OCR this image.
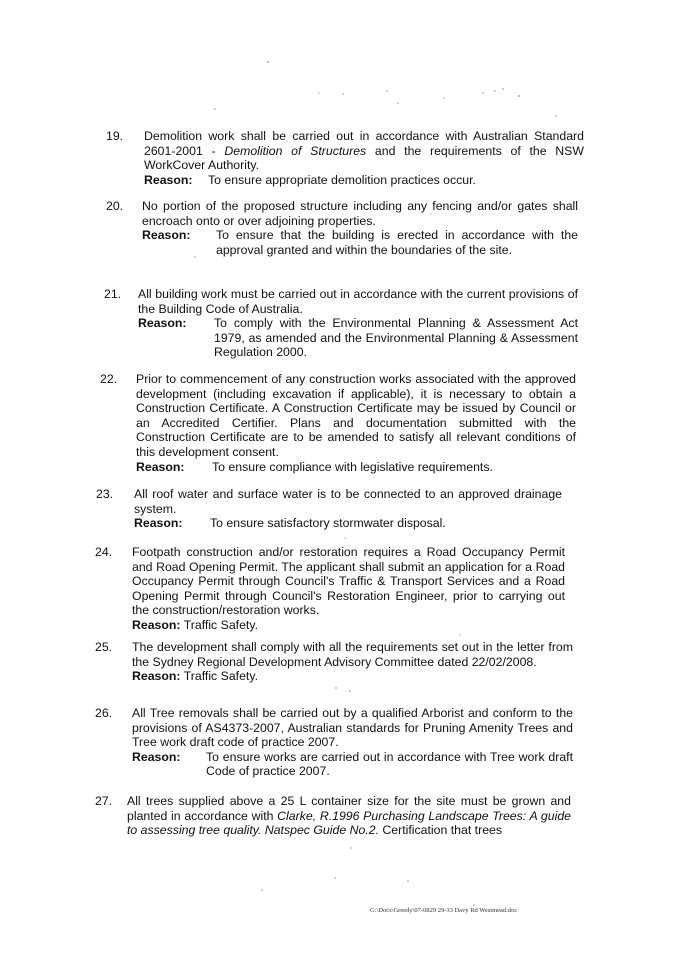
19. Demolition work shall be carried out in accordance with Australian Standard 2601-2001 - Demolition of Structures and the requirements of the NSW WorkCover Authority.
Reason:	To ensure appropriate demolition practices occur.
20. No portion of the proposed structure including any fencing and/or gates shall encroach onto or over adjoining properties.
Reason:	To ensure that the building is erected in accordance with the approval granted and within the boundaries of the site.
21. All building work must be carried out in accordance with the current provisions of the Building Code of Australia.
Reason:	To comply with the Environmental Planning & Assessment Act 1979, as amended and the Environmental Planning & Assessment Regulation 2000.
22. Prior to commencement of any construction works associated with the approved development (including excavation if applicable), it is necessary to obtain a Construction Certificate. A Construction Certificate may be issued by Council or an Accredited Certifier. Plans and documentation submitted with the Construction Certificate are to be amended to satisfy all relevant conditions of this development consent.
Reason:	To ensure compliance with legislative requirements.
23. All roof water and surface water is to be connected to an approved drainage system.
Reason:	To ensure satisfactory stormwater disposal.
24. Footpath construction and/or restoration requires a Road Occupancy Permit and Road Opening Permit. The applicant shall submit an application for a Road Occupancy Permit through Council's Traffic & Transport Services and a Road Opening Permit through Council's Restoration Engineer, prior to carrying out the construction/restoration works.
Reason: Traffic Safety.
25. The development shall comply with all the requirements set out in the letter from the Sydney Regional Development Advisory Committee dated 22/02/2008.
Reason: Traffic Safety.
26. All Tree removals shall be carried out by a qualified Arborist and conform to the provisions of AS4373-2007, Australian standards for Pruning Amenity Trees and Tree work draft code of practice 2007.
Reason:	To ensure works are carried out in accordance with Tree work draft Code of practice 2007.
27. All trees supplied above a 25 L container size for the site must be grown and planted in accordance with Clarke, R.1996 Purchasing Landscape Trees: A guide to assessing tree quality. Natspec Guide No.2. Certification that trees
G:\Docs\Greedy\07-0829 29-33 Davy Rd Westmead.doc
